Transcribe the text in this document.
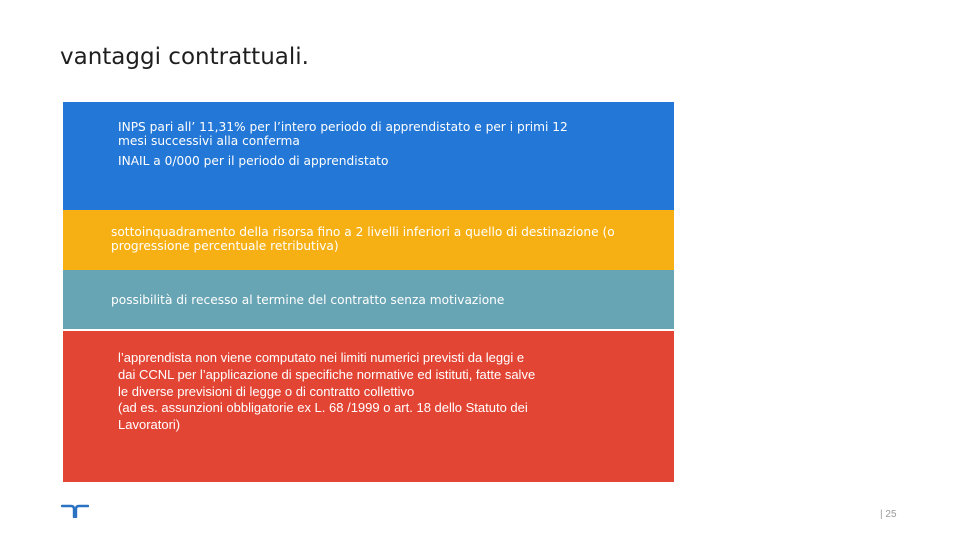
vantaggi contrattuali.
INPS pari all’ 11,31% per l’intero periodo di apprendistato e per i primi 12
mesi successivi alla conferma
INAIL a 0/000 per il periodo di apprendistato
sottoinquadramento della risorsa fino a 2 livelli inferiori a quello di destinazione (o
progressione percentuale retributiva)
possibilità di recesso al termine del contratto senza motivazione
l’apprendista non viene computato nei limiti numerici previsti da leggi e
dai CCNL per l’applicazione di specifiche normative ed istituti, fatte salve
le diverse previsioni di legge o di contratto collettivo
(ad es. assunzioni obbligatorie ex L. 68 /1999 o art. 18 dello Statuto dei
Lavoratori)
| 25
